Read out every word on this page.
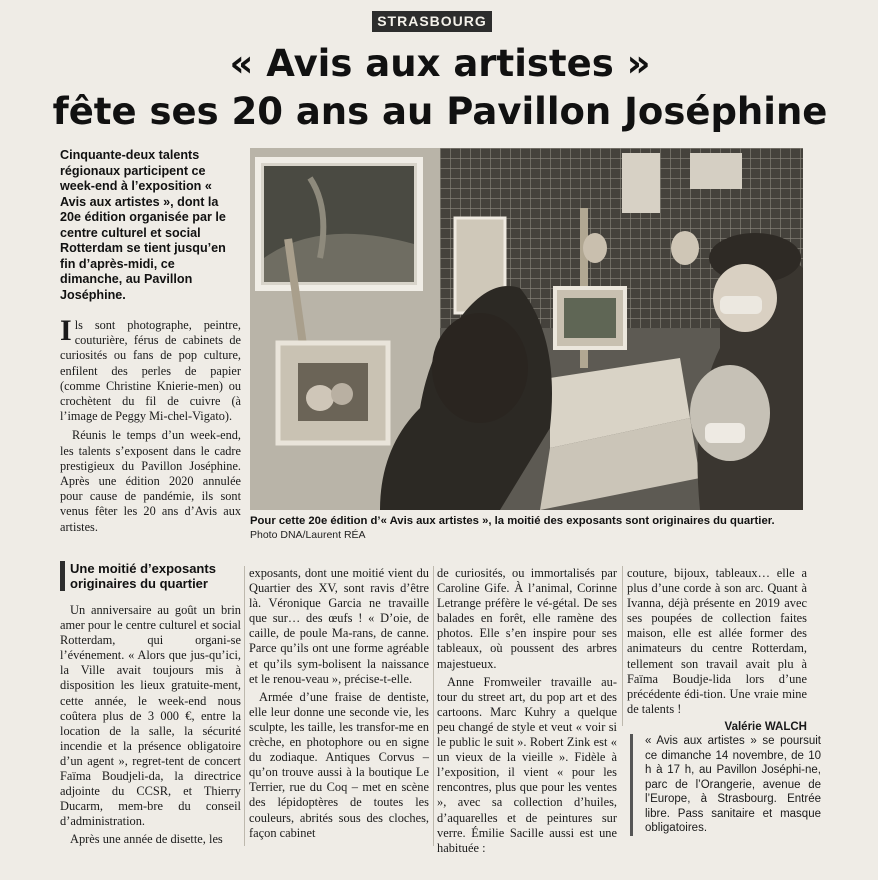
STRASBOURG
« Avis aux artistes »
fête ses 20 ans au Pavillon Joséphine
Cinquante-deux talents régionaux participent ce week-end à l’exposition « Avis aux artistes », dont la 20e édition organisée par le centre culturel et social Rotterdam se tient jusqu’en fin d’après-midi, ce dimanche, au Pavillon Joséphine.

Ils sont photographe, peintre, couturière, férus de cabinets de curiosités ou fans de pop culture, enfilent des perles de papier (comme Christine Knierie-men) ou crochètent du fil de cuivre (à l’image de Peggy Mi-chel-Vigato).

Réunis le temps d’un week-end, les talents s’exposent dans le cadre prestigieux du Pavillon Joséphine. Après une édition 2020 annulée pour cause de pandémie, ils sont venus fêter les 20 ans d’Avis aux artistes.	Pour cette 20e édition d’« Avis aux artistes », la moitié des exposants sont originaires du quartier.
Photo DNA/Laurent RÉA
Une moitié d’exposants originaires du quartier

Un anniversaire au goût un brin amer pour le centre culturel et social Rotterdam, qui organi-se l’événement. « Alors que jus-qu’ici, la Ville avait toujours mis à disposition les lieux gratuite-ment, cette année, le week-end nous coûtera plus de 3 000 €, entre la location de la salle, la sécurité incendie et la présence obligatoire d’un agent », regret-tent de concert Faïma Boudjeli-da, la directrice adjointe du CCSR, et Thierry Ducarm, mem-bre du conseil d’administration.

Après une année de disette, les

exposants, dont une moitié vient du Quartier des XV, sont ravis d’être là. Véronique Garcia ne travaille que sur… des œufs ! « D’oie, de caille, de poule Ma-rans, de canne. Parce qu’ils ont une forme agréable et qu’ils sym-bolisent la naissance et le renou-veau », précise-t-elle.

Armée d’une fraise de dentiste, elle leur donne une seconde vie, les sculpte, les taille, les transfor-me en crèche, en photophore ou en signe du zodiaque. Antiques Corvus – qu’on trouve aussi à la boutique Le Terrier, rue du Coq – met en scène des lépidoptères de toutes les couleurs, abrités sous des cloches, façon cabinet

de curiosités, ou immortalisés par Caroline Gife. À l’animal, Corinne Letrange préfère le vé-gétal. De ses balades en forêt, elle ramène des photos. Elle s’en inspire pour ses tableaux, où poussent des arbres majestueux.

Anne Fromweiler travaille au-tour du street art, du pop art et des cartoons. Marc Kuhry a quelque peu changé de style et veut « voir si le public le suit ». Robert Zink est « un vieux de la vieille ». Fidèle à l’exposition, il vient « pour les rencontres, plus que pour les ventes », avec sa collection d’huiles, d’aquarelles et de peintures sur verre. Émilie Sacille aussi est une habituée :

couture, bijoux, tableaux… elle a plus d’une corde à son arc. Quant à Ivanna, déjà présente en 2019 avec ses poupées de collection faites maison, elle est allée former des animateurs du centre Rotterdam, tellement son travail avait plu à Faïma Boudje-lida lors d’une précédente édi-tion. Une vraie mine de talents !

Valérie WALCH
« Avis aux artistes » se poursuit ce dimanche 14 novembre, de 10 h à 17 h, au Pavillon Joséphi-ne, parc de l’Orangerie, avenue de l’Europe, à Strasbourg. Entrée libre. Pass sanitaire et masque obligatoires.
